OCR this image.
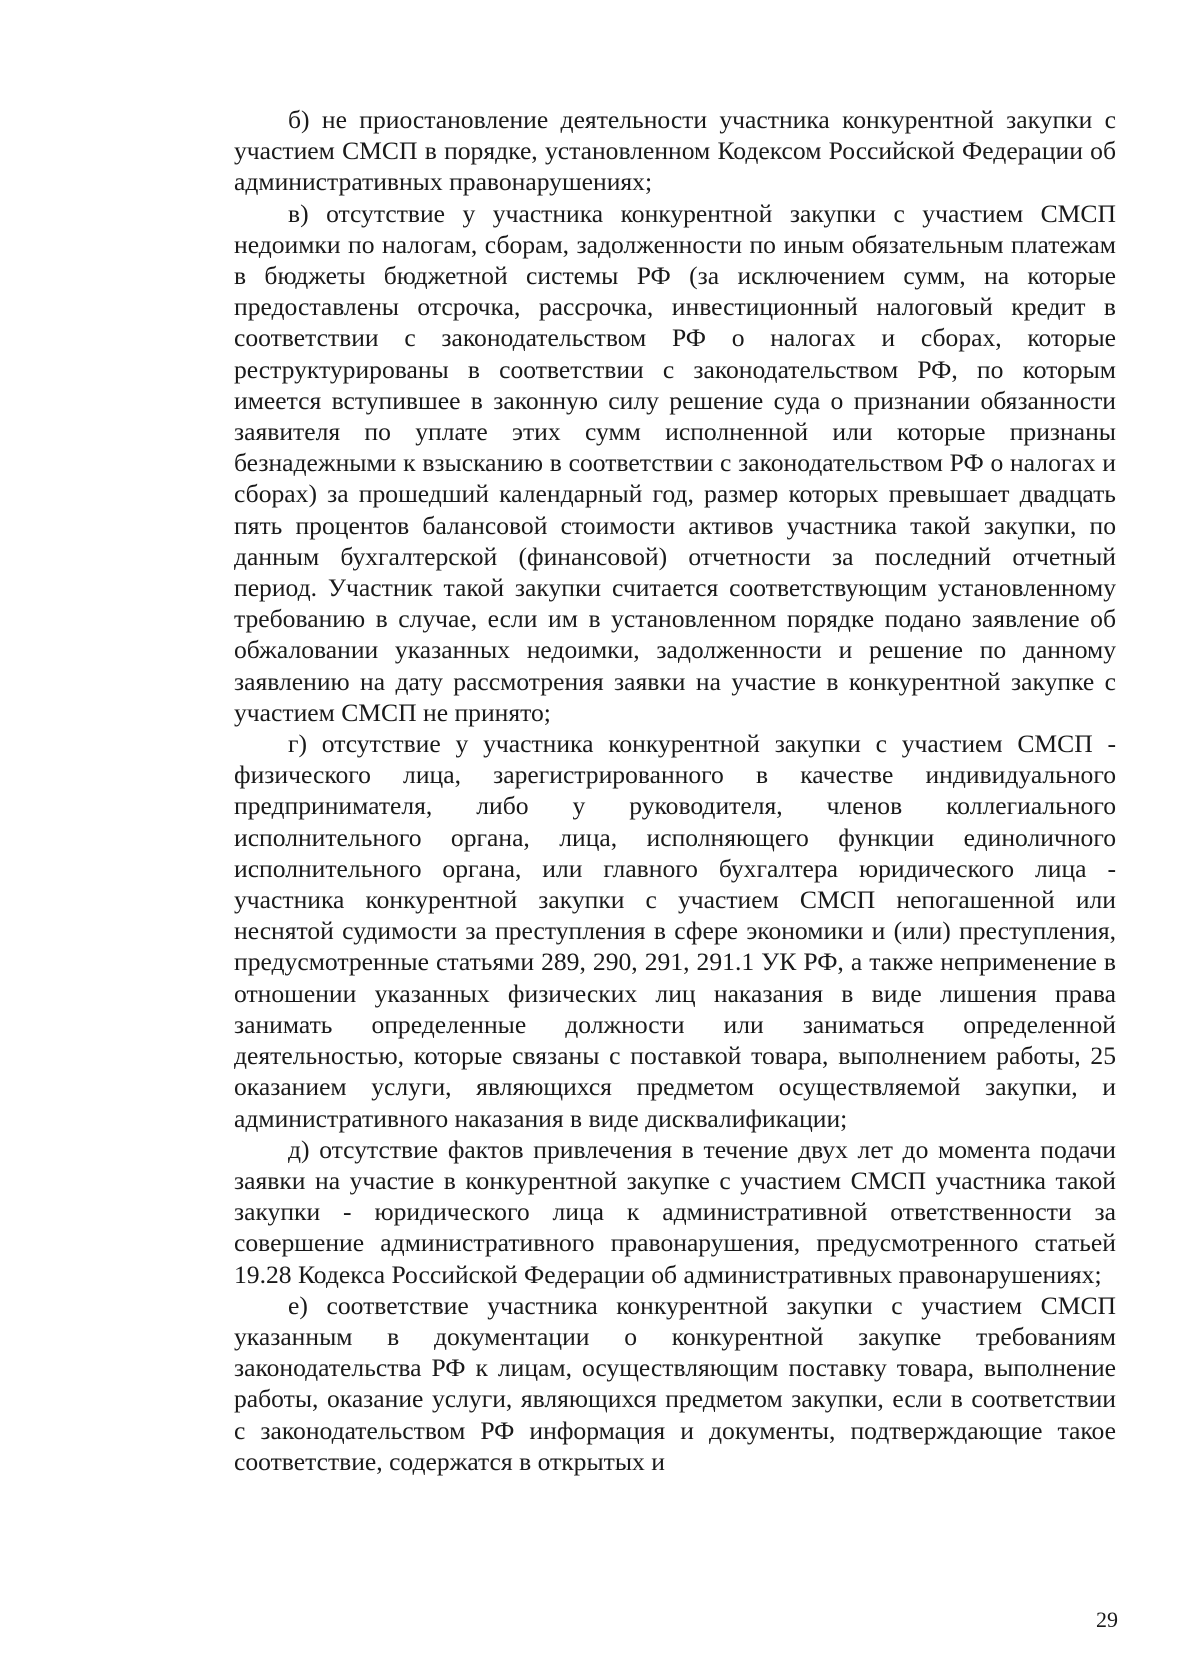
б) не приостановление деятельности участника конкурентной закупки с участием СМСП в порядке, установленном Кодексом Российской Федерации об административных правонарушениях;

в) отсутствие у участника конкурентной закупки с участием СМСП недоимки по налогам, сборам, задолженности по иным обязательным платежам в бюджеты бюджетной системы РФ (за исключением сумм, на которые предоставлены отсрочка, рассрочка, инвестиционный налоговый кредит в соответствии с законодательством РФ о налогах и сборах, которые реструктурированы в соответствии с законодательством РФ, по которым имеется вступившее в законную силу решение суда о признании обязанности заявителя по уплате этих сумм исполненной или которые признаны безнадежными к взысканию в соответствии с законодательством РФ о налогах и сборах) за прошедший календарный год, размер которых превышает двадцать пять процентов балансовой стоимости активов участника такой закупки, по данным бухгалтерской (финансовой) отчетности за последний отчетный период. Участник такой закупки считается соответствующим установленному требованию в случае, если им в установленном порядке подано заявление об обжаловании указанных недоимки, задолженности и решение по данному заявлению на дату рассмотрения заявки на участие в конкурентной закупке с участием СМСП не принято;

г) отсутствие у участника конкурентной закупки с участием СМСП - физического лица, зарегистрированного в качестве индивидуального предпринимателя, либо у руководителя, членов коллегиального исполнительного органа, лица, исполняющего функции единоличного исполнительного органа, или главного бухгалтера юридического лица - участника конкурентной закупки с участием СМСП непогашенной или неснятой судимости за преступления в сфере экономики и (или) преступления, предусмотренные статьями 289, 290, 291, 291.1 УК РФ, а также неприменение в отношении указанных физических лиц наказания в виде лишения права занимать определенные должности или заниматься определенной деятельностью, которые связаны с поставкой товара, выполнением работы, 25 оказанием услуги, являющихся предметом осуществляемой закупки, и административного наказания в виде дисквалификации;

д) отсутствие фактов привлечения в течение двух лет до момента подачи заявки на участие в конкурентной закупке с участием СМСП участника такой закупки - юридического лица к административной ответственности за совершение административного правонарушения, предусмотренного статьей 19.28 Кодекса Российской Федерации об административных правонарушениях;

е) соответствие участника конкурентной закупки с участием СМСП указанным в документации о конкурентной закупке требованиям законодательства РФ к лицам, осуществляющим поставку товара, выполнение работы, оказание услуги, являющихся предметом закупки, если в соответствии с законодательством РФ информация и документы, подтверждающие такое соответствие, содержатся в открытых и

29
